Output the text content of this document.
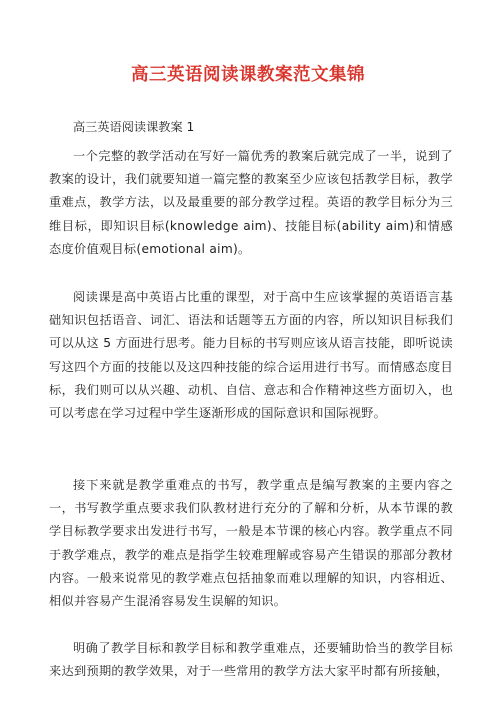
高三英语阅读课教案范文集锦
高三英语阅读课教案 1

一个完整的教学活动在写好一篇优秀的教案后就完成了一半，说到了教案的设计，我们就要知道一篇完整的教案至少应该包括教学目标，教学重难点，教学方法，以及最重要的部分教学过程。英语的教学目标分为三维目标，即知识目标(knowledge aim)、技能目标(ability aim)和情感态度价值观目标(emotional aim)。

阅读课是高中英语占比重的课型，对于高中生应该掌握的英语语言基础知识包括语音、词汇、语法和话题等五方面的内容，所以知识目标我们可以从这 5 方面进行思考。能力目标的书写则应该从语言技能，即听说读写这四个方面的技能以及这四种技能的综合运用进行书写。而情感态度目标，我们则可以从兴趣、动机、自信、意志和合作精神这些方面切入，也可以考虑在学习过程中学生逐渐形成的国际意识和国际视野。

接下来就是教学重难点的书写，教学重点是编写教案的主要内容之一，书写教学重点要求我们队教材进行充分的了解和分析，从本节课的教学目标教学要求出发进行书写，一般是本节课的核心内容。教学重点不同于教学难点，教学的难点是指学生较难理解或容易产生错误的那部分教材内容。一般来说常见的教学难点包括抽象而难以理解的知识，内容相近、相似并容易产生混淆容易发生误解的知识。

明确了教学目标和教学目标和教学重难点，还要辅助恰当的教学目标来达到预期的教学效果，对于一些常用的教学方法大家平时都有所接触，
